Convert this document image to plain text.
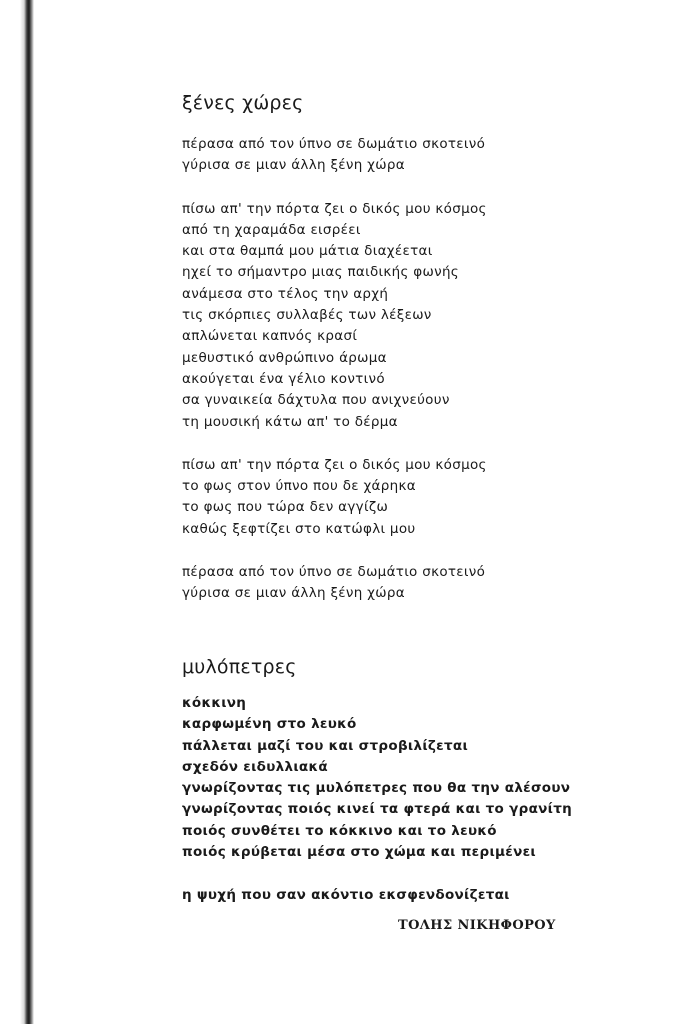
ξένες χώρες
πέρασα από τον ύπνο σε δωμάτιο σκοτεινό
γύρισα σε μιαν άλλη ξένη χώρα
πίσω απ' την πόρτα ζει ο δικός μου κόσμος
από τη χαραμάδα εισρέει
και στα θαμπά μου μάτια διαχέεται
ηχεί το σήμαντρο μιας παιδικής φωνής
ανάμεσα στο τέλος την αρχή
τις σκόρπιες συλλαβές των λέξεων
απλώνεται καπνός κρασί
μεθυστικό ανθρώπινο άρωμα
ακούγεται ένα γέλιο κοντινό
σα γυναικεία δάχτυλα που ανιχνεύουν
τη μουσική κάτω απ' το δέρμα
πίσω απ' την πόρτα ζει ο δικός μου κόσμος
το φως στον ύπνο που δε χάρηκα
το φως που τώρα δεν αγγίζω
καθώς ξεφτίζει στο κατώφλι μου
πέρασα από τον ύπνο σε δωμάτιο σκοτεινό
γύρισα σε μιαν άλλη ξένη χώρα
μυλόπετρες
κόκκινη
καρφωμένη στο λευκό
πάλλεται μαζί του και στροβιλίζεται
σχεδόν ειδυλλιακά
γνωρίζοντας τις μυλόπετρες που θα την αλέσουν
γνωρίζοντας ποιός κινεί τα φτερά και το γρανίτη
ποιός συνθέτει το κόκκινο και το λευκό
ποιός κρύβεται μέσα στο χώμα και περιμένει
η ψυχή που σαν ακόντιο εκσφενδονίζεται
ΤΟΛΗΣ ΝΙΚΗΦΟΡΟΥ
